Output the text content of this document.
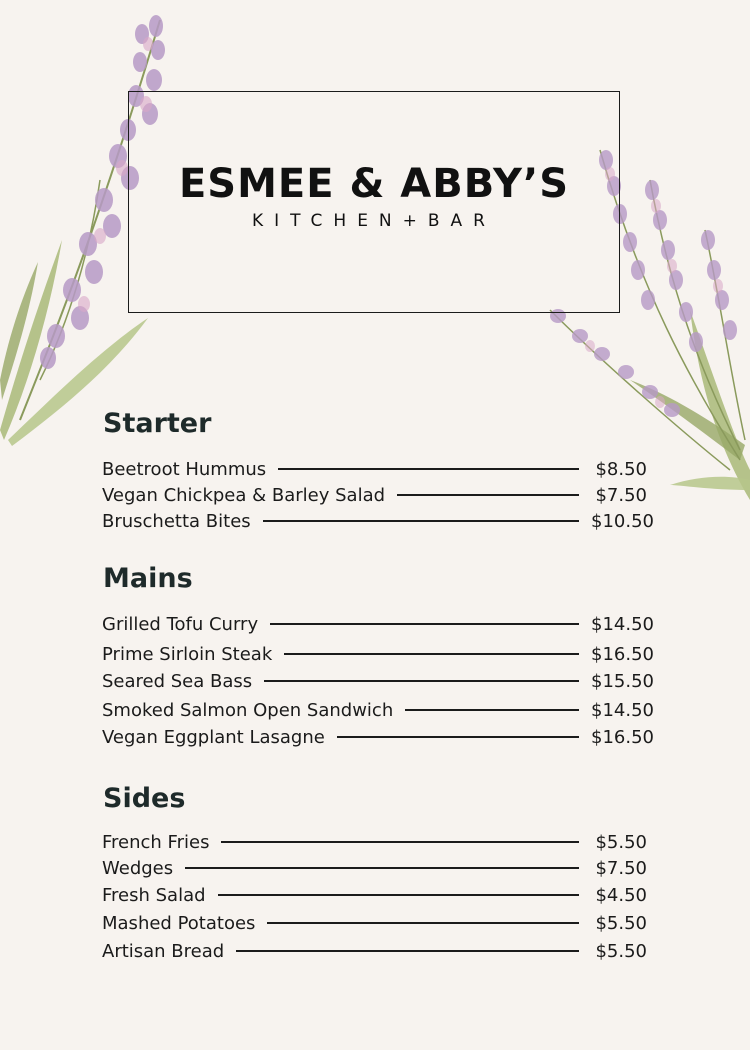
ESMEE & ABBY’S
KITCHEN+BAR
Starter
Beetroot Hummus	$8.50
Vegan Chickpea & Barley Salad	$7.50
Bruschetta Bites	$10.50
Mains
Grilled Tofu Curry	$14.50
Prime Sirloin Steak	$16.50
Seared Sea Bass	$15.50
Smoked Salmon Open Sandwich	$14.50
Vegan Eggplant Lasagne	$16.50
Sides
French Fries	$5.50
Wedges	$7.50
Fresh Salad	$4.50
Mashed Potatoes	$5.50
Artisan Bread	$5.50
